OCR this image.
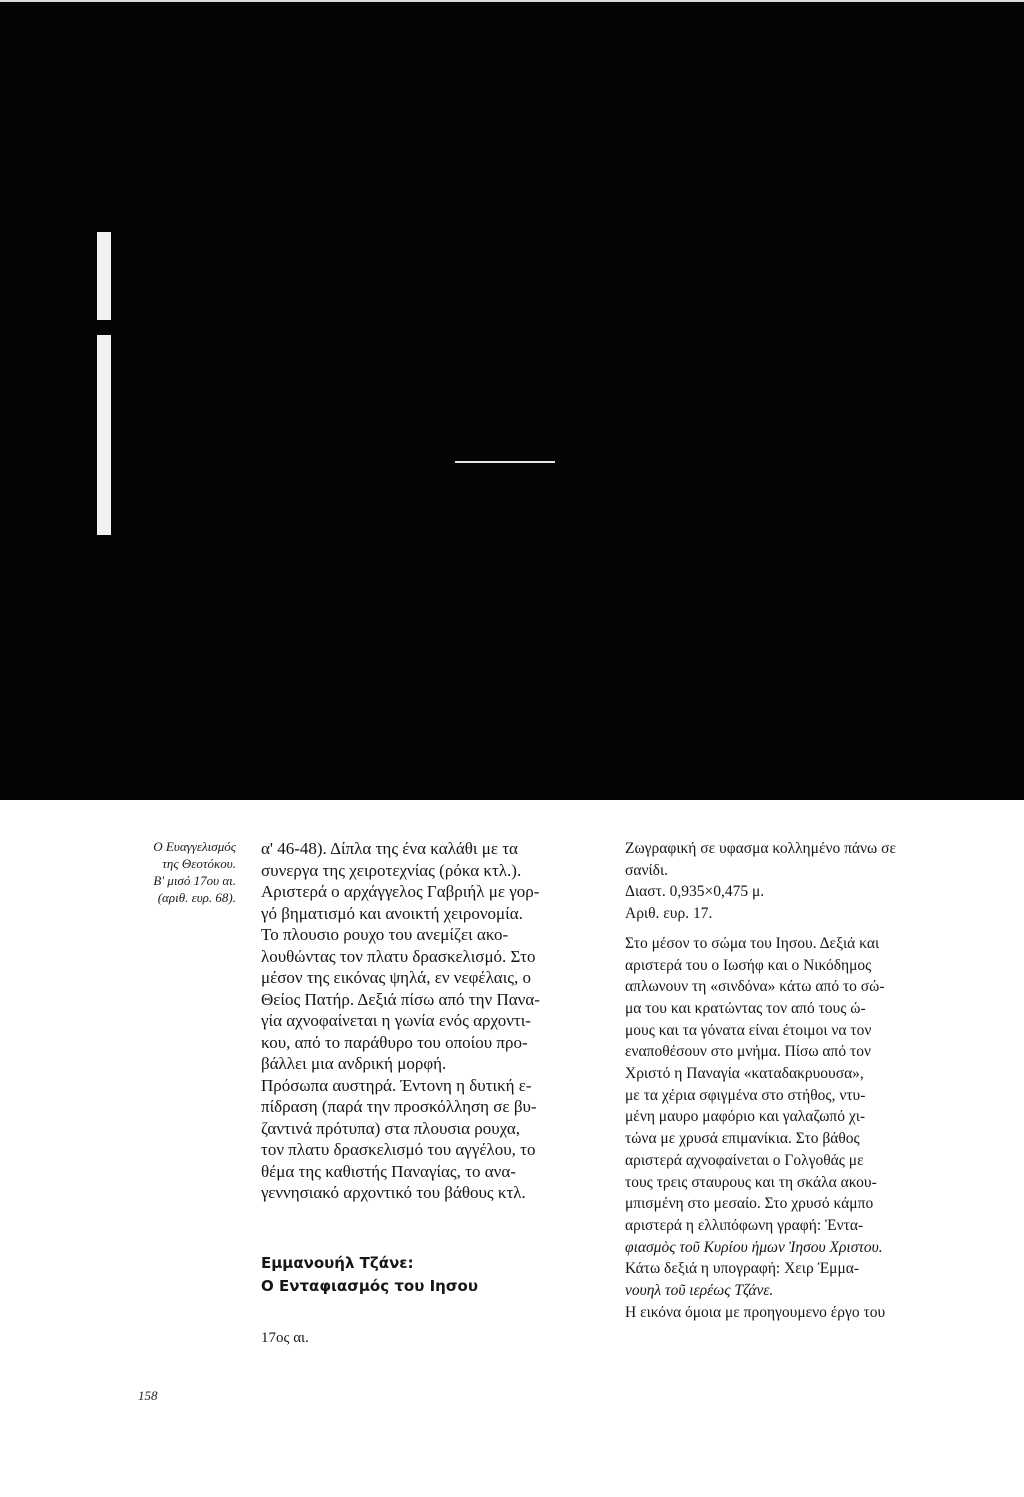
Ο Ευαγγελισμός
της Θεοτόκου.
Β' μισό 17ου αι.
(αριθ. ευρ. 68).
α' 46-48). Δίπλα της ένα καλάθι με τα
συνεργα της χειροτεχνίας (ρόκα κτλ.).
Αριστερά ο αρχάγγελος Γαβριήλ με γορ-
γό βηματισμό και ανοικτή χειρονομία.
Το πλουσιο ρουχο του ανεμίζει ακο-
λουθώντας τον πλατυ δρασκελισμό. Στο
μέσον της εικόνας ψηλά, εν νεφέλαις, ο
Θείος Πατήρ. Δεξιά πίσω από την Πανα-
γία αχνοφαίνεται η γωνία ενός αρχοντι-
κου, από το παράθυρο του οποίου προ-
βάλλει μια ανδρική μορφή.
Πρόσωπα αυστηρά. Έντονη η δυτική ε-
πίδραση (παρά την προσκόλληση σε βυ-
ζαντινά πρότυπα) στα πλουσια ρουχα,
τον πλατυ δρασκελισμό του αγγέλου, το
θέμα της καθιστής Παναγίας, το ανα-
γεννησιακό αρχοντικό του βάθους κτλ.
Εμμανουήλ Τζάνε:
Ο Ενταφιασμός του Ιησου
17ος αι.
Ζωγραφική σε υφασμα κολλημένο πάνω σε
σανίδι.
Διαστ. 0,935×0,475 μ.
Αριθ. ευρ. 17.
Στο μέσον το σώμα του Ιησου. Δεξιά και
αριστερά του ο Ιωσήφ και ο Νικόδημος
απλωνουν τη «σινδόνα» κάτω από το σώ-
μα του και κρατώντας τον από τους ώ-
μους και τα γόνατα είναι έτοιμοι να τον
εναποθέσουν στο μνήμα. Πίσω από τον
Χριστό η Παναγία «καταδακρυουσα»,
με τα χέρια σφιγμένα στο στήθος, ντυ-
μένη μαυρο μαφόριο και γαλαζωπό χι-
τώνα με χρυσά επιμανίκια. Στο βάθος
αριστερά αχνοφαίνεται ο Γολγοθάς με
τους τρεις σταυρους και τη σκάλα ακου-
μπισμένη στο μεσαίο. Στο χρυσό κάμπο
αριστερά η ελλιπόφωνη γραφή: Ἐντα-
φιασμὸς τοῦ Κυρίου ἡμων Ἰησου Χριστου.
Κάτω δεξιά η υπογραφή: Χειρ Ἐμμα-
νουηλ τοῦ ιερέως Τζάνε.
Η εικόνα όμοια με προηγουμενο έργο του
158
